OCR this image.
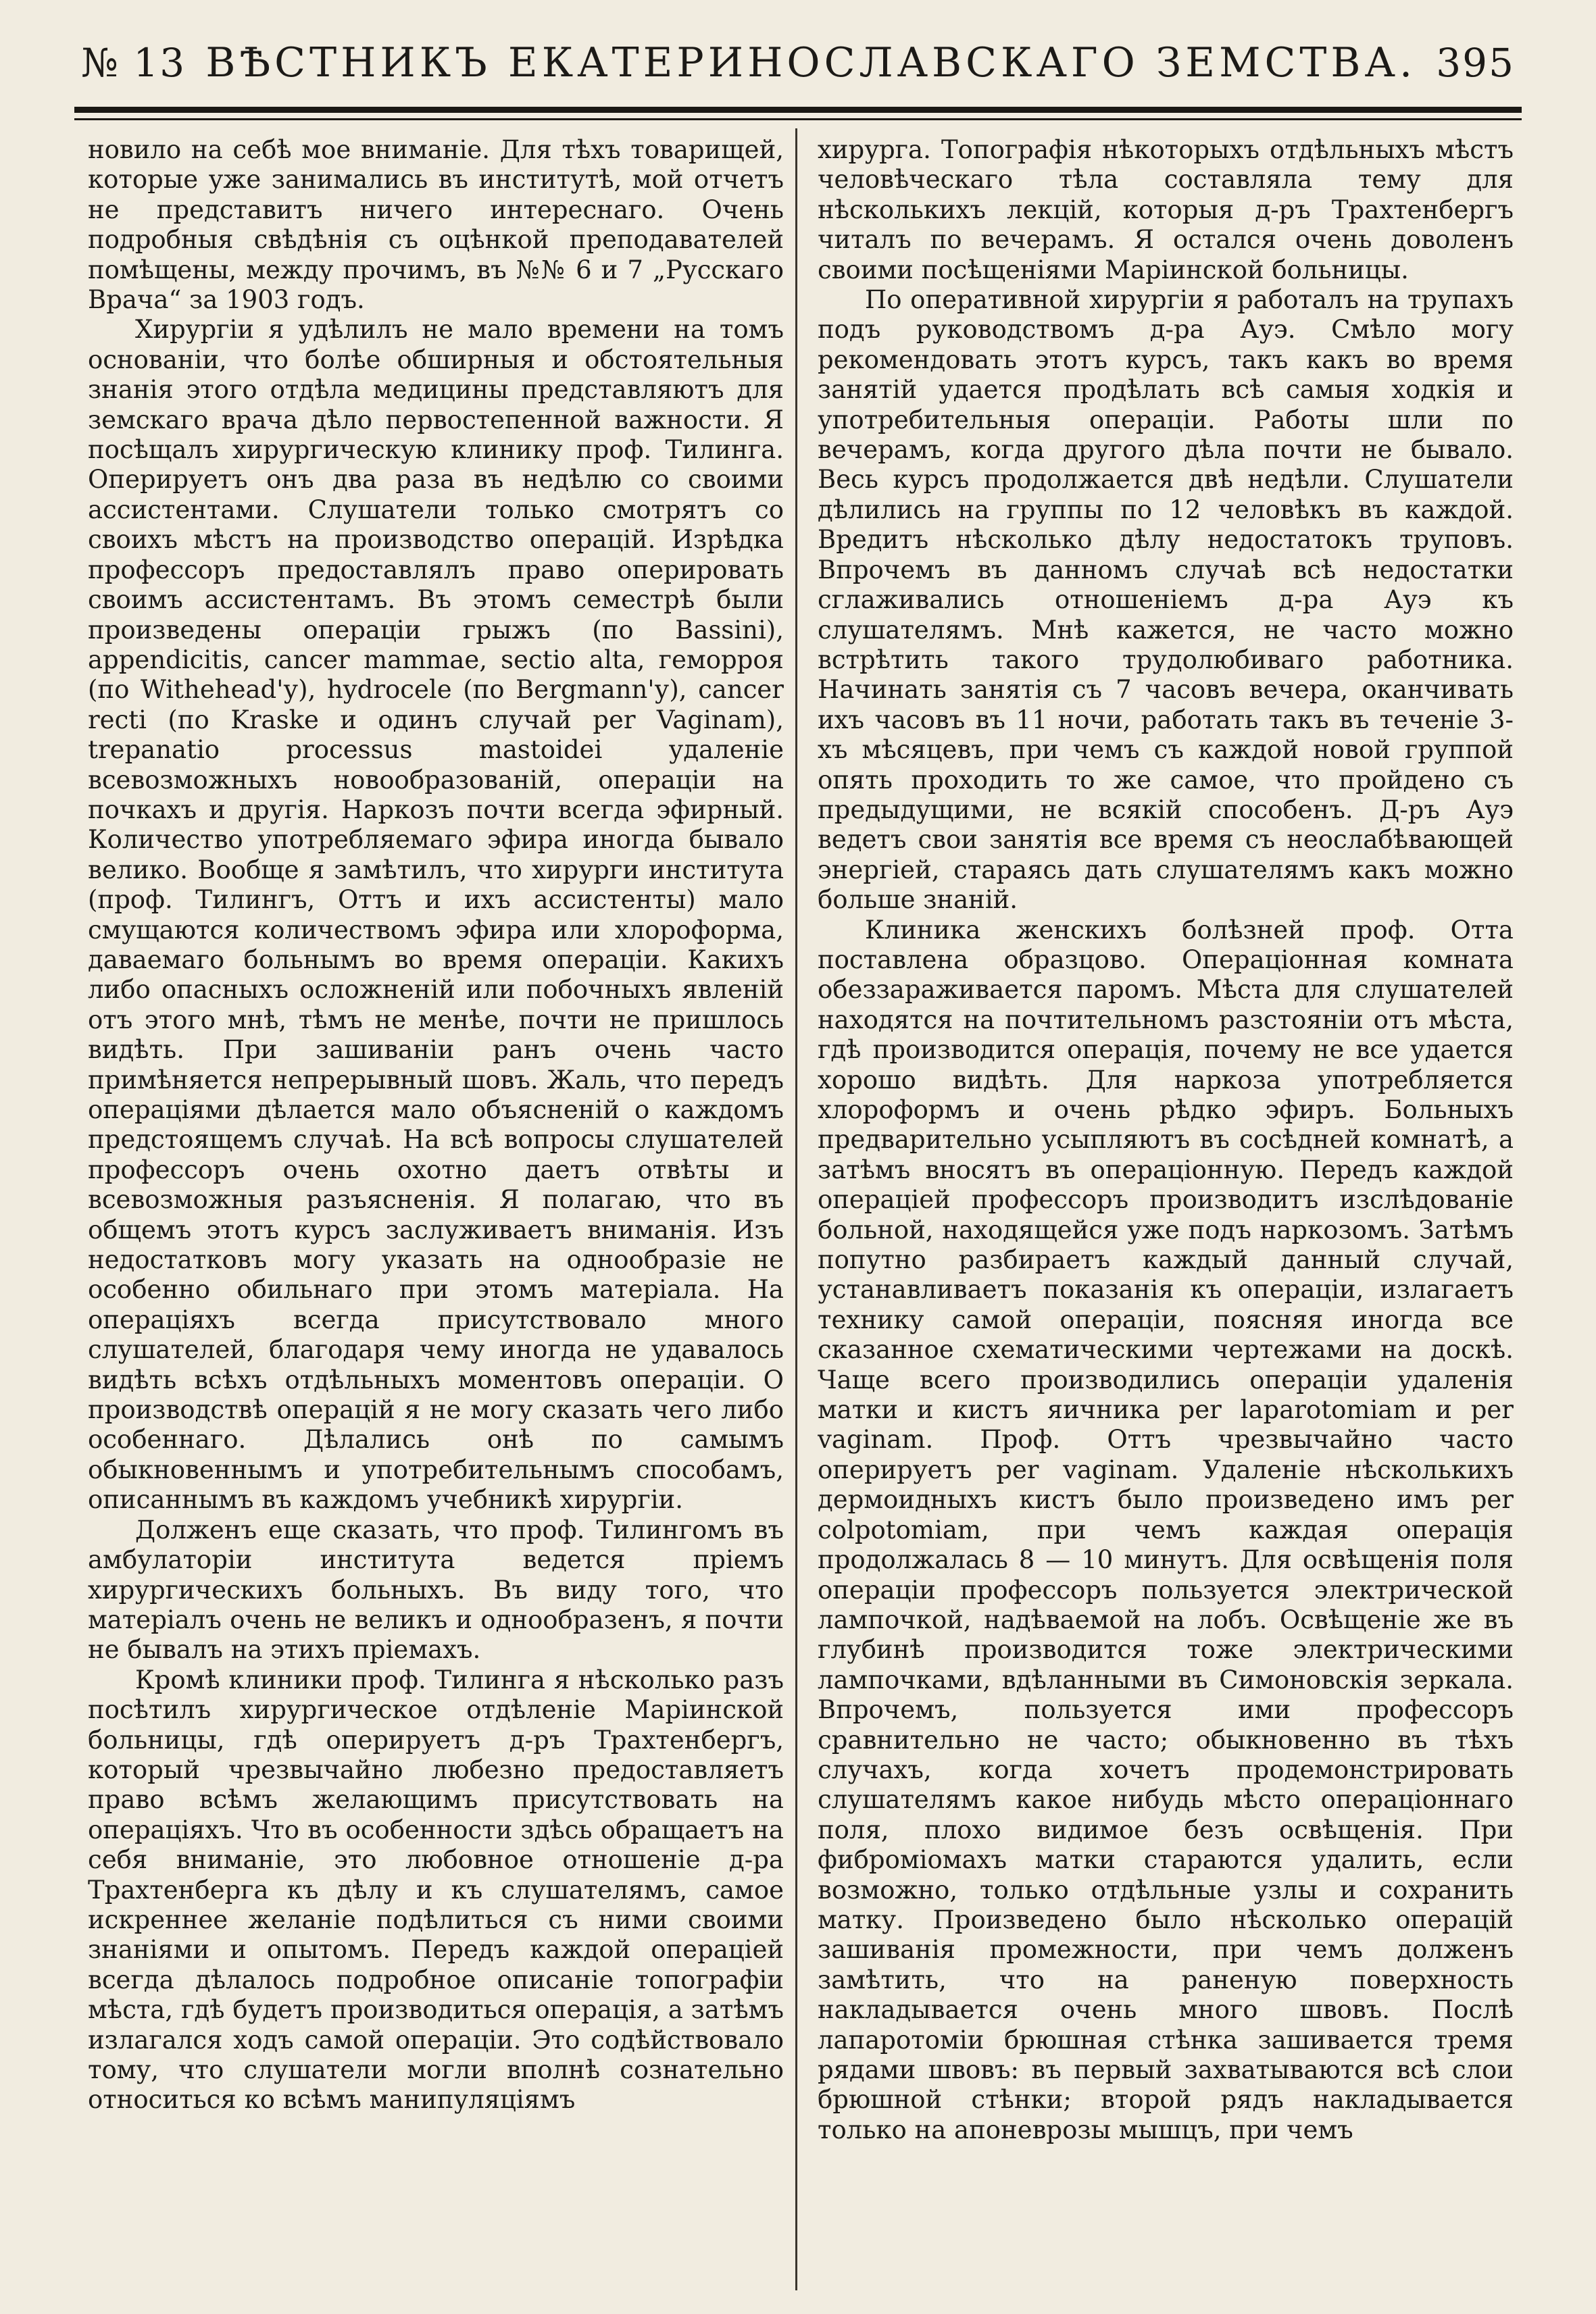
№ 13 ВѢСТНИКЪ ЕКАТЕРИНОСЛАВСКАГО ЗЕМСТВА. 395

новило на себѣ мое вниманіе. Для тѣхъ товарищей, которые уже занимались въ институтѣ, мой отчетъ не представитъ ничего интереснаго. Очень подробныя свѣдѣнія съ оцѣнкой преподавателей помѣщены, между прочимъ, въ №№ 6 и 7 „Русскаго Врача“ за 1903 годъ.

Хирургіи я удѣлилъ не мало времени на томъ основаніи, что болѣе обширныя и обстоятельныя знанія этого отдѣла медицины представляютъ для земскаго врача дѣло первостепенной важности. Я посѣщалъ хирургическую клинику проф. Тилинга. Оперируетъ онъ два раза въ недѣлю со своими ассистентами. Слушатели только смотрятъ со своихъ мѣстъ на производство операцій. Изрѣдка профессоръ предоставлялъ право оперировать своимъ ассистентамъ. Въ этомъ семестрѣ были произведены операціи грыжъ (по Bassini), appendicitis, cancer mammae, sectio alta, геморроя (по Withehead'у), hydrocele (по Bergmann'у), cancer recti (по Kraske и одинъ случай per Vaginam), trepanatio processus mastoidei удаленіе всевозможныхъ новообразованій, операціи на почкахъ и другія. Наркозъ почти всегда эфирный. Количество употребляемаго эфира иногда бывало велико. Вообще я замѣтилъ, что хирурги института (проф. Тилингъ, Оттъ и ихъ ассистенты) мало смущаются количествомъ эфира или хлороформа, даваемаго больнымъ во время операціи. Какихъ либо опасныхъ осложненій или побочныхъ явленій отъ этого мнѣ, тѣмъ не менѣе, почти не пришлось видѣть. При зашиваніи ранъ очень часто примѣняется непрерывный шовъ. Жаль, что передъ операціями дѣлается мало объясненій о каждомъ предстоящемъ случаѣ. На всѣ вопросы слушателей профессоръ очень охотно даетъ отвѣты и всевозможныя разъясненія. Я полагаю, что въ общемъ этотъ курсъ заслуживаетъ вниманія. Изъ недостатковъ могу указать на однообразіе не особенно обильнаго при этомъ матеріала. На операціяхъ всегда присутствовало много слушателей, благодаря чему иногда не удавалось видѣть всѣхъ отдѣльныхъ моментовъ операціи. О производствѣ операцій я не могу сказать чего либо особеннаго. Дѣлались онѣ по самымъ обыкновеннымъ и употребительнымъ способамъ, описаннымъ въ каждомъ учебникѣ хирургіи.

Долженъ еще сказать, что проф. Тилингомъ въ амбулаторіи института ведется пріемъ хирургическихъ больныхъ. Въ виду того, что матеріалъ очень не великъ и однообразенъ, я почти не бывалъ на этихъ пріемахъ.

Кромѣ клиники проф. Тилинга я нѣсколько разъ посѣтилъ хирургическое отдѣленіе Маріинской больницы, гдѣ оперируетъ д-ръ Трахтенбергъ, который чрезвычайно любезно предоставляетъ право всѣмъ желающимъ присутствовать на операціяхъ. Что въ особенности здѣсь обращаетъ на себя вниманіе, это любовное отношеніе д-ра Трахтенберга къ дѣлу и къ слушателямъ, самое искреннее желаніе подѣлиться съ ними своими знаніями и опытомъ. Передъ каждой операціей всегда дѣлалось подробное описаніе топографіи мѣста, гдѣ будетъ производиться операція, а затѣмъ излагался ходъ самой операціи. Это содѣйствовало тому, что слушатели могли вполнѣ сознательно относиться ко всѣмъ манипуляціямъ

хирурга. Топографія нѣкоторыхъ отдѣльныхъ мѣстъ человѣческаго тѣла составляла тему для нѣсколькихъ лекцій, которыя д-ръ Трахтенбергъ читалъ по вечерамъ. Я остался очень доволенъ своими посѣщеніями Маріинской больницы.

По оперативной хирургіи я работалъ на трупахъ подъ руководствомъ д-ра Ауэ. Смѣло могу рекомендовать этотъ курсъ, такъ какъ во время занятій удается продѣлать всѣ самыя ходкія и употребительныя операціи. Работы шли по вечерамъ, когда другого дѣла почти не бывало. Весь курсъ продолжается двѣ недѣли. Слушатели дѣлились на группы по 12 человѣкъ въ каждой. Вредитъ нѣсколько дѣлу недостатокъ труповъ. Впрочемъ въ данномъ случаѣ всѣ недостатки сглаживались отношеніемъ д-ра Ауэ къ слушателямъ. Мнѣ кажется, не часто можно встрѣтить такого трудолюбиваго работника. Начинать занятія съ 7 часовъ вечера, оканчивать ихъ часовъ въ 11 ночи, работать такъ въ теченіе 3-хъ мѣсяцевъ, при чемъ съ каждой новой группой опять проходить то же самое, что пройдено съ предыдущими, не всякій способенъ. Д-ръ Ауэ ведетъ свои занятія все время съ неослабѣвающей энергіей, стараясь дать слушателямъ какъ можно больше знаній.

Клиника женскихъ болѣзней проф. Отта поставлена образцово. Операціонная комната обеззараживается паромъ. Мѣста для слушателей находятся на почтительномъ разстояніи отъ мѣста, гдѣ производится операція, почему не все удается хорошо видѣть. Для наркоза употребляется хлороформъ и очень рѣдко эфиръ. Больныхъ предварительно усыпляютъ въ сосѣдней комнатѣ, а затѣмъ вносятъ въ операціонную. Передъ каждой операціей профессоръ производитъ изслѣдованіе больной, находящейся уже подъ наркозомъ. Затѣмъ попутно разбираетъ каждый данный случай, устанавливаетъ показанія къ операціи, излагаетъ технику самой операціи, поясняя иногда все сказанное схематическими чертежами на доскѣ. Чаще всего производились операціи удаленія матки и кистъ яичника per laparotomiam и per vaginam. Проф. Оттъ чрезвычайно часто оперируетъ per vaginam. Удаленіе нѣсколькихъ дермоидныхъ кистъ было произведено имъ per colpotomiam, при чемъ каждая операція продолжалась 8 — 10 минутъ. Для освѣщенія поля операціи профессоръ пользуется электрической лампочкой, надѣваемой на лобъ. Освѣщеніе же въ глубинѣ производится тоже электрическими лампочками, вдѣланными въ Симоновскія зеркала. Впрочемъ, пользуется ими профессоръ сравнительно не часто; обыкновенно въ тѣхъ случахъ, когда хочетъ продемонстрировать слушателямъ какое нибудь мѣсто операціоннаго поля, плохо видимое безъ освѣщенія. При фибромiомахъ матки стараются удалить, если возможно, только отдѣльные узлы и сохранить матку. Произведено было нѣсколько операцій зашиванія промежности, при чемъ долженъ замѣтить, что на раненую поверхность накладывается очень много швовъ. Послѣ лапаротоміи брюшная стѣнка зашивается тремя рядами швовъ: въ первый захватываются всѣ слои брюшной стѣнки; второй рядъ накладывается только на апоневрозы мышцъ, при чемъ
